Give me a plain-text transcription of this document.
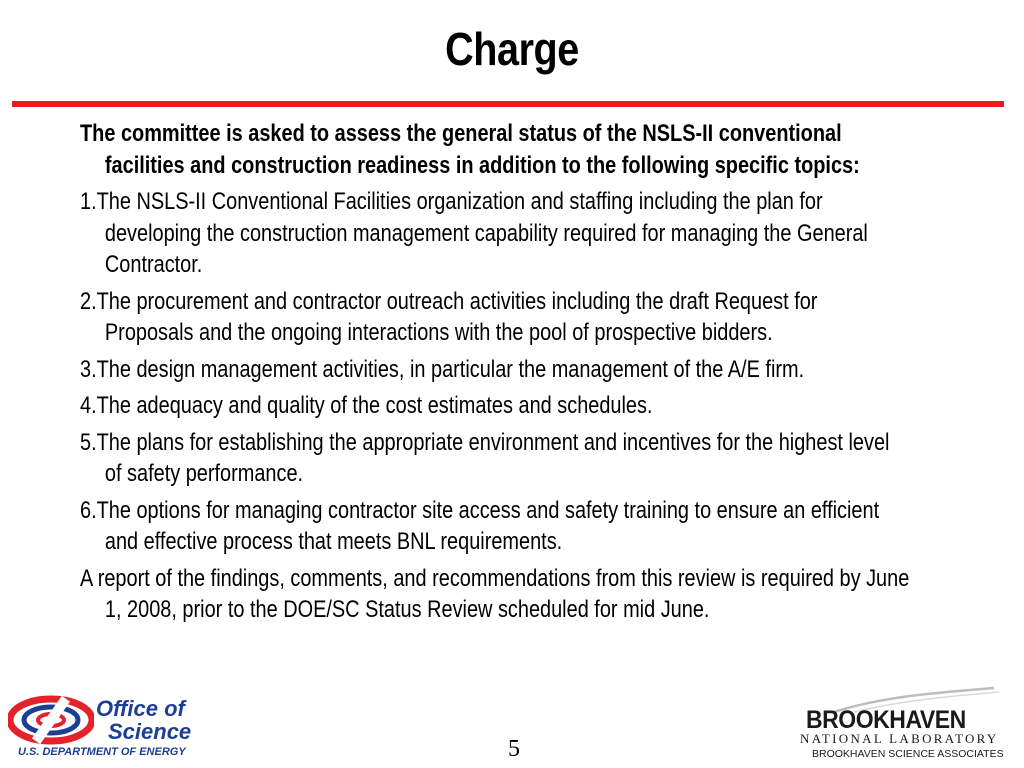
Charge

The committee is asked to assess the general status of the NSLS-II conventional facilities and construction readiness in addition to the following specific topics:

1.The NSLS-II Conventional Facilities organization and staffing including the plan for developing the construction management capability required for managing the General Contractor.

2.The procurement and contractor outreach activities including the draft Request for Proposals and the ongoing interactions with the pool of prospective bidders.

3.The design management activities, in particular the management of the A/E firm.

4.The adequacy and quality of the cost estimates and schedules.

5.The plans for establishing the appropriate environment and incentives for the highest level of safety performance.

6.The options for managing contractor site access and safety training to ensure an efficient and effective process that meets BNL requirements.

A report of the findings, comments, and recommendations from this review is required by June 1, 2008, prior to the DOE/SC Status Review scheduled for mid June.

Office of
Science
U.S. DEPARTMENT OF ENERGY	5
BROOKHAVEN
NATIONAL LABORATORY
BROOKHAVEN SCIENCE ASSOCIATES
